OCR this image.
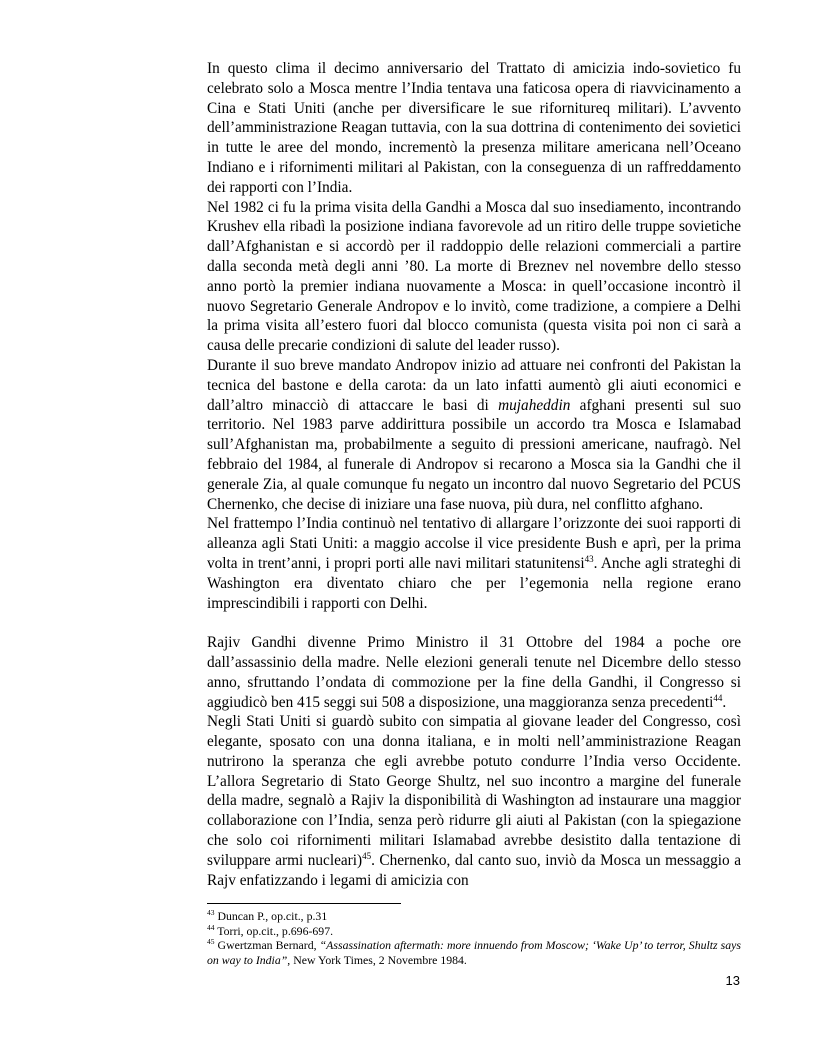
In questo clima il decimo anniversario del Trattato di amicizia indo-sovietico fu celebrato solo a Mosca mentre l’India tentava una faticosa opera di riavvicinamento a Cina e Stati Uniti (anche per diversificare le sue rifornitureq militari). L’avvento dell’amministrazione Reagan tuttavia, con la sua dottrina di contenimento dei sovietici in tutte le aree del mondo, incrementò la presenza militare americana nell’Oceano Indiano e i rifornimenti militari al Pakistan, con la conseguenza di un raffreddamento dei rapporti con l’India.

Nel 1982 ci fu la prima visita della Gandhi a Mosca dal suo insediamento, incontrando Krushev ella ribadì la posizione indiana favorevole ad un ritiro delle truppe sovietiche dall’Afghanistan e si accordò per il raddoppio delle relazioni commerciali a partire dalla seconda metà degli anni ’80. La morte di Breznev nel novembre dello stesso anno portò la premier indiana nuovamente a Mosca: in quell’occasione incontrò il nuovo Segretario Generale Andropov e lo invitò, come tradizione, a compiere a Delhi la prima visita all’estero fuori dal blocco comunista (questa visita poi non ci sarà a causa delle precarie condizioni di salute del leader russo).

Durante il suo breve mandato Andropov inizio ad attuare nei confronti del Pakistan la tecnica del bastone e della carota: da un lato infatti aumentò gli aiuti economici e dall’altro minacciò di attaccare le basi di mujaheddin afghani presenti sul suo territorio. Nel 1983 parve addirittura possibile un accordo tra Mosca e Islamabad sull’Afghanistan ma, probabilmente a seguito di pressioni americane, naufragò. Nel febbraio del 1984, al funerale di Andropov si recarono a Mosca sia la Gandhi che il generale Zia, al quale comunque fu negato un incontro dal nuovo Segretario del PCUS Chernenko, che decise di iniziare una fase nuova, più dura, nel conflitto afghano.

Nel frattempo l’India continuò nel tentativo di allargare l’orizzonte dei suoi rapporti di alleanza agli Stati Uniti: a maggio accolse il vice presidente Bush e aprì, per la prima volta in trent’anni, i propri porti alle navi militari statunitensi$^{43}$. Anche agli strateghi di Washington era diventato chiaro che per l’egemonia nella regione erano imprescindibili i rapporti con Delhi.

Rajiv Gandhi divenne Primo Ministro il 31 Ottobre del 1984 a poche ore dall’assassinio della madre. Nelle elezioni generali tenute nel Dicembre dello stesso anno, sfruttando l’ondata di commozione per la fine della Gandhi, il Congresso si aggiudicò ben 415 seggi sui 508 a disposizione, una maggioranza senza precedenti$^{44}$.

Negli Stati Uniti si guardò subito con simpatia al giovane leader del Congresso, così elegante, sposato con una donna italiana, e in molti nell’amministrazione Reagan nutrirono la speranza che egli avrebbe potuto condurre l’India verso Occidente. L’allora Segretario di Stato George Shultz, nel suo incontro a margine del funerale della madre, segnalò a Rajiv la disponibilità di Washington ad instaurare una maggior collaborazione con l’India, senza però ridurre gli aiuti al Pakistan (con la spiegazione che solo coi rifornimenti militari Islamabad avrebbe desistito dalla tentazione di sviluppare armi nucleari)$^{45}$. Chernenko, dal canto suo, inviò da Mosca un messaggio a Rajv enfatizzando i legami di amicizia con

$^{43}$ Duncan P., op.cit., p.31

$^{44}$ Torri, op.cit., p.696-697.

$^{45}$ Gwertzman Bernard, “Assassination aftermath: more innuendo from Moscow; ‘Wake Up’ to terror, Shultz says on way to India”, New York Times, 2 Novembre 1984.

13
